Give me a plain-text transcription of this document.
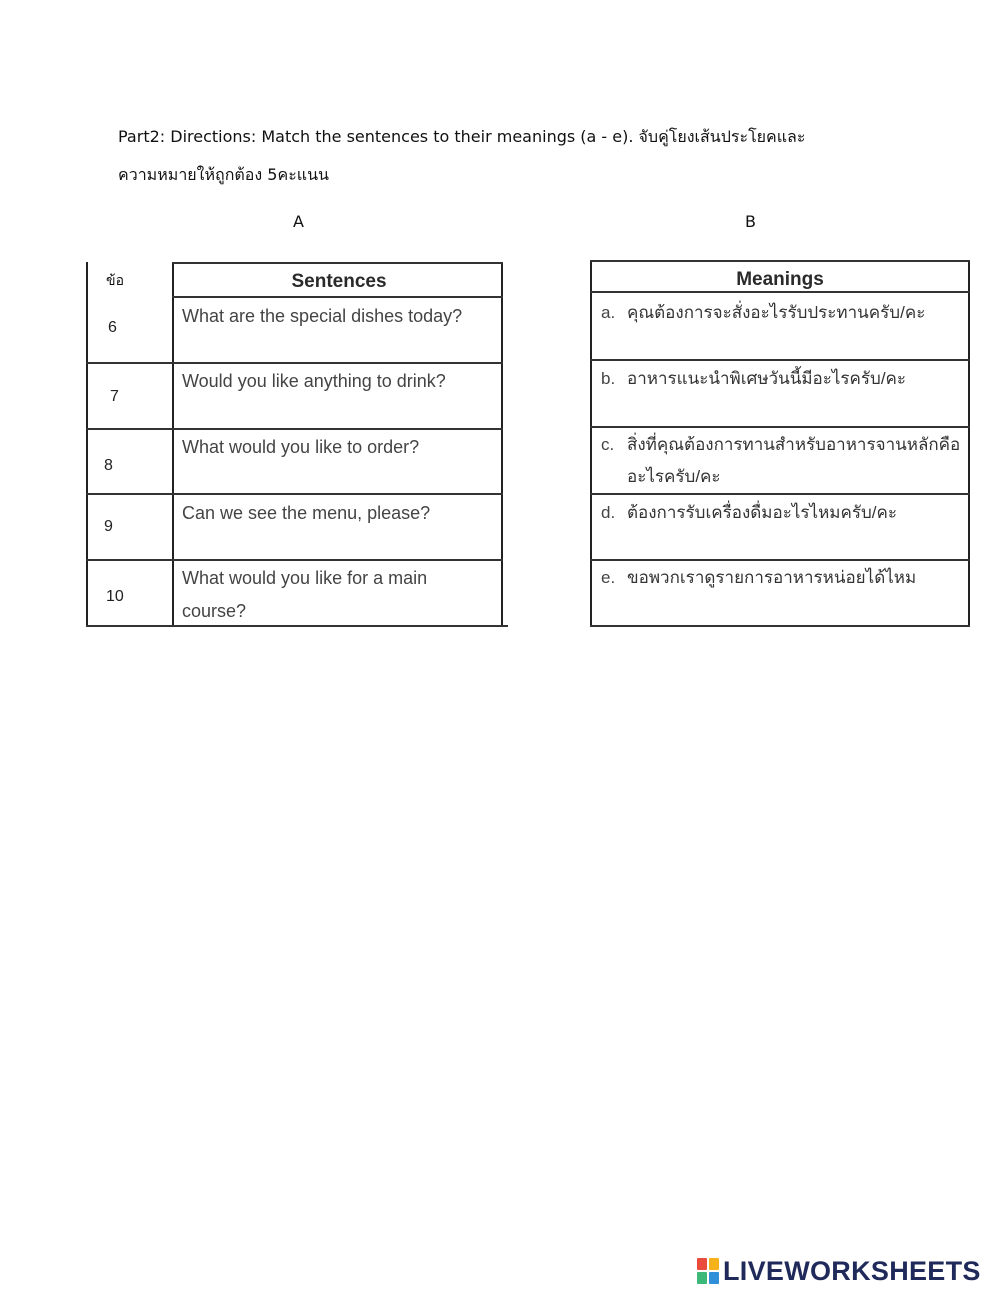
Part2: Directions: Match the sentences to their meanings (a - e). จับคู่โยงเส้นประโยคและ
ความหมายให้ถูกต้อง 5คะแนน
A	B
ข้อ	Sentences
6
What are the special dishes today?
7
Would you like anything to drink?
8
What would you like to order?
9
Can we see the menu, please?
10
What would you like for a main course?
Meanings
a. คุณต้องการจะสั่งอะไรรับประทานครับ/คะ
b. อาหารแนะนำพิเศษวันนี้มีอะไรครับ/คะ
c. สิ่งที่คุณต้องการทานสำหรับอาหารจานหลักคืออะไรครับ/คะ
d. ต้องการรับเครื่องดื่มอะไรไหมครับ/คะ
e. ขอพวกเราดูรายการอาหารหน่อยได้ไหม
LIVEWORKSHEETS
